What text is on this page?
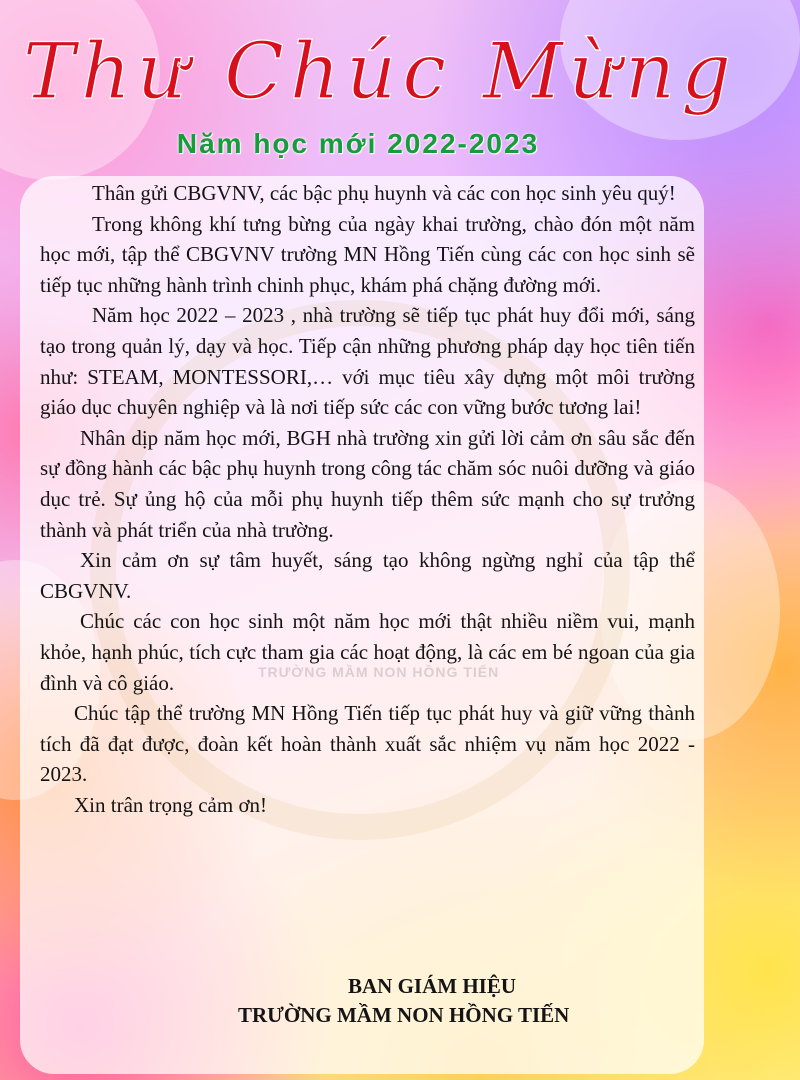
TRƯỜNG MẦM NON HỒNG TIẾN
Thư Chúc Mừng
Năm học mới 2022-2023

Thân gửi CBGVNV, các bậc phụ huynh và các con học sinh yêu quý!

Trong không khí tưng bừng của ngày khai trường, chào đón một năm học mới, tập thể CBGVNV trường MN Hồng Tiến cùng các con học sinh sẽ tiếp tục những hành trình chinh phục, khám phá chặng đường mới.

Năm học 2022 – 2023 , nhà trường sẽ tiếp tục phát huy đổi mới, sáng tạo trong quản lý, dạy và học. Tiếp cận những phương pháp dạy học tiên tiến như: STEAM, MONTESSORI,… với mục tiêu xây dựng một môi trường giáo dục chuyên nghiệp và là nơi tiếp sức các con vững bước tương lai!

Nhân dịp năm học mới, BGH nhà trường xin gửi lời cảm ơn sâu sắc đến sự đồng hành các bậc phụ huynh trong công tác chăm sóc nuôi dưỡng và giáo dục trẻ. Sự ủng hộ của mỗi phụ huynh tiếp thêm sức mạnh cho sự trưởng thành và phát triển của nhà trường.

Xin cảm ơn sự tâm huyết, sáng tạo không ngừng nghỉ của tập thể CBGVNV.

Chúc các con học sinh một năm học mới thật nhiều niềm vui, mạnh khỏe, hạnh phúc, tích cực tham gia các hoạt động, là các em bé ngoan của gia đình và cô giáo.

Chúc tập thể trường MN Hồng Tiến tiếp tục phát huy và giữ vững thành tích đã đạt được, đoàn kết hoàn thành xuất sắc nhiệm vụ năm học 2022 - 2023.

Xin trân trọng cảm ơn!

BAN GIÁM HIỆU
TRƯỜNG MẦM NON HỒNG TIẾN
